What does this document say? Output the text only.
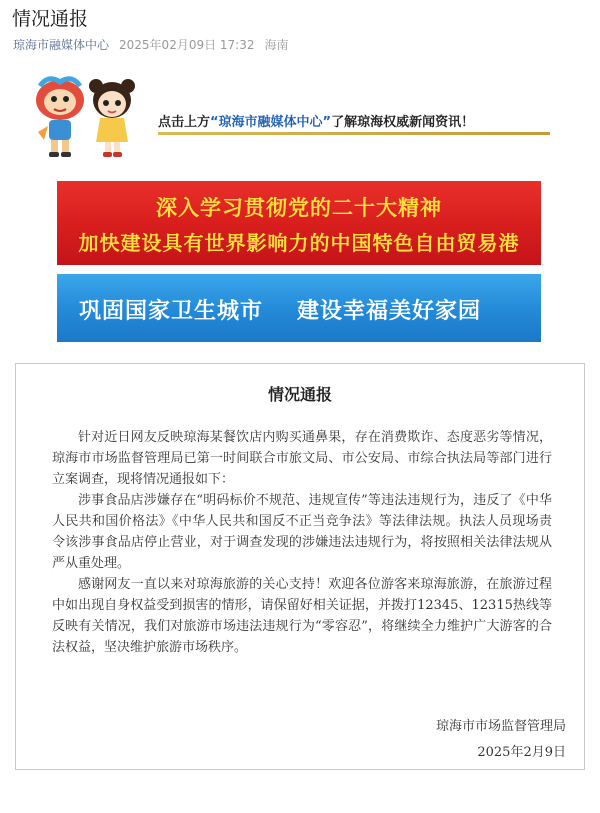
情况通报
琼海市融媒体中心 2025年02月09日 17:32 海南
点击上方“琼海市融媒体中心”了解琼海权威新闻资讯！
深入学习贯彻党的二十大精神
加快建设具有世界影响力的中国特色自由贸易港
巩固国家卫生城市 建设幸福美好家园
情况通报

针对近日网友反映琼海某餐饮店内购买通鼻果，存在消费欺诈、态度恶劣等情况，琼海市市场监督管理局已第一时间联合市旅文局、市公安局、市综合执法局等部门进行立案调查，现将情况通报如下：

涉事食品店涉嫌存在“明码标价不规范、违规宣传”等违法违规行为，违反了《中华人民共和国价格法》《中华人民共和国反不正当竞争法》等法律法规。执法人员现场责令该涉事食品店停止营业，对于调查发现的涉嫌违法违规行为，将按照相关法律法规从严从重处理。

感谢网友一直以来对琼海旅游的关心支持！欢迎各位游客来琼海旅游，在旅游过程中如出现自身权益受到损害的情形，请保留好相关证据，并拨打12345、12315热线等反映有关情况，我们对旅游市场违法违规行为“零容忍”，将继续全力维护广大游客的合法权益，坚决维护旅游市场秩序。

琼海市市场监督管理局
2025年2月9日
